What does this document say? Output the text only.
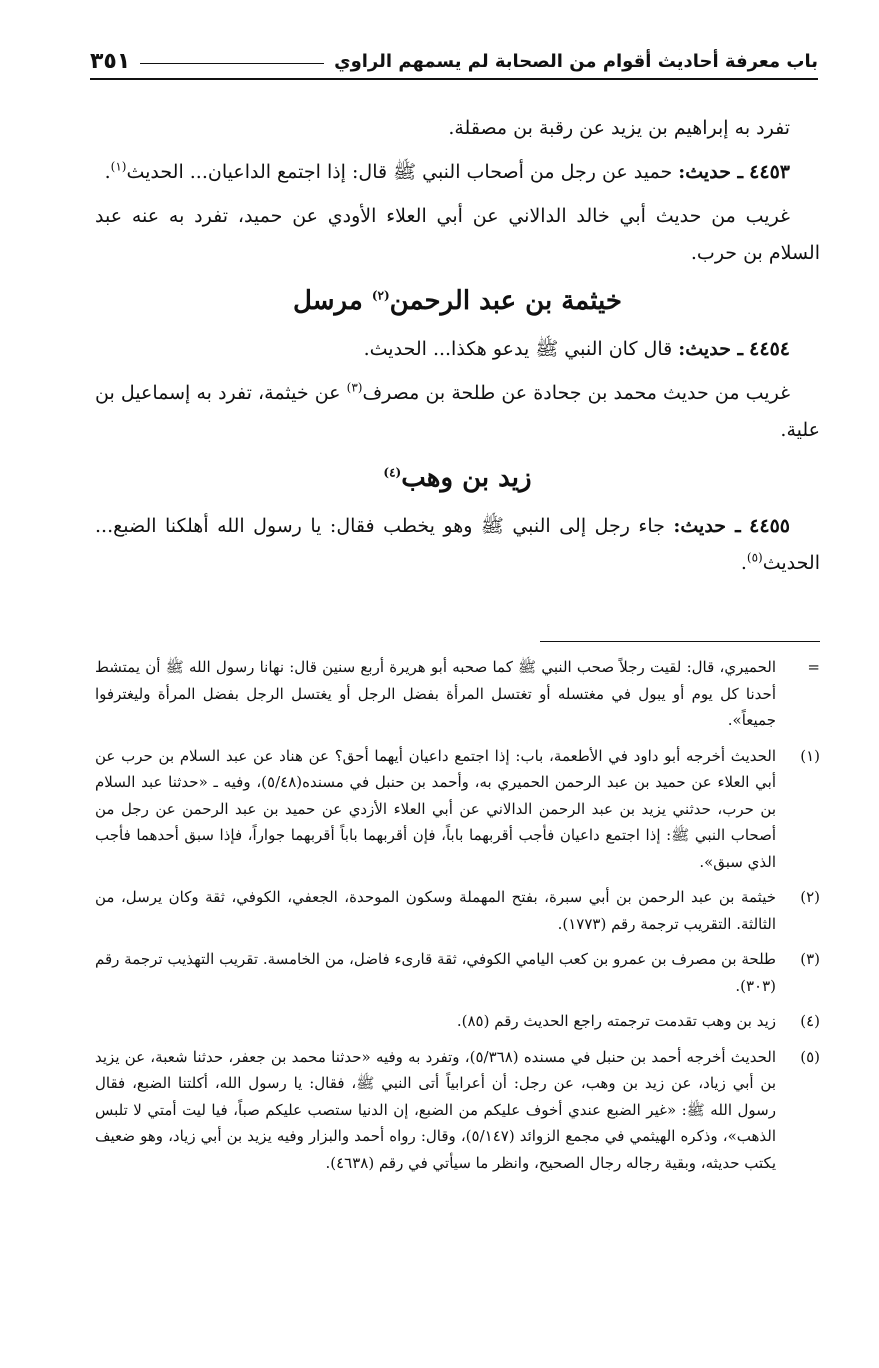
باب معرفة أحاديث أقوام من الصحابة لم يسمهم الراوي
٣٥١

تفرد به إبراهيم بن يزيد عن رقبة بن مصقلة.

٤٤٥٣ ـ حديث: حميد عن رجل من أصحاب النبي ﷺ قال: إذا اجتمع الداعيان... الحديث$^{(١)}$.

غريب من حديث أبي خالد الدالاني عن أبي العلاء الأودي عن حميد، تفرد به عنه عبد السلام بن حرب.

خيثمة بن عبد الرحمن$^{(٢)}$ مرسل

٤٤٥٤ ـ حديث: قال كان النبي ﷺ يدعو هكذا... الحديث.

غريب من حديث محمد بن جحادة عن طلحة بن مصرف$^{(٣)}$ عن خيثمة، تفرد به إسماعيل بن علية.

زيد بن وهب$^{(٤)}$

٤٤٥٥ ـ حديث: جاء رجل إلى النبي ﷺ وهو يخطب فقال: يا رسول الله أهلكنا الضبع... الحديث$^{(٥)}$.

=
الحميري، قال: لقيت رجلاً صحب النبي ﷺ كما صحبه أبو هريرة أربع سنين قال: نهانا رسول الله ﷺ أن يمتشط أحدنا كل يوم أو يبول في مغتسله أو تغتسل المرأة بفضل الرجل أو يغتسل الرجل بفضل المرأة وليغترفوا جميعاً».
(١)
الحديث أخرجه أبو داود في الأطعمة، باب: إذا اجتمع داعيان أيهما أحق؟ عن هناد عن عبد السلام بن حرب عن أبي العلاء عن حميد بن عبد الرحمن الحميري به، وأحمد بن حنبل في مسنده(٥/٤٨)، وفيه ـ «حدثنا عبد السلام بن حرب، حدثني يزيد بن عبد الرحمن الدالاني عن أبي العلاء الأزدي عن حميد بن عبد الرحمن عن رجل من أصحاب النبي ﷺ: إذا اجتمع داعيان فأجب أقربهما باباً، فإن أقربهما باباً أقربهما جواراً، فإذا سبق أحدهما فأجب الذي سبق».
(٢)
خيثمة بن عبد الرحمن بن أبي سبرة، بفتح المهملة وسكون الموحدة، الجعفي، الكوفي، ثقة وكان يرسل، من الثالثة. التقريب ترجمة رقم (١٧٧٣).
(٣)
طلحة بن مصرف بن عمرو بن كعب اليامي الكوفي، ثقة قارىء فاضل، من الخامسة. تقريب التهذيب ترجمة رقم (٣٠٣).
(٤)
زيد بن وهب تقدمت ترجمته راجع الحديث رقم (٨٥).
(٥)
الحديث أخرجه أحمد بن حنبل في مسنده (٥/٣٦٨)، وتفرد به وفيه «حدثنا محمد بن جعفر، حدثنا شعبة، عن يزيد بن أبي زياد، عن زيد بن وهب، عن رجل: أن أعرابياً أتى النبي ﷺ، فقال: يا رسول الله، أكلتنا الضبع، فقال رسول الله ﷺ: «غير الضبع عندي أخوف عليكم من الضبع، إن الدنيا ستصب عليكم صباً، فيا ليت أمتي لا تلبس الذهب»، وذكره الهيثمي في مجمع الزوائد (٥/١٤٧)، وقال: رواه أحمد والبزار وفيه يزيد بن أبي زياد، وهو ضعيف يكتب حديثه، وبقية رجاله رجال الصحيح، وانظر ما سيأتي في رقم (٤٦٣٨).
